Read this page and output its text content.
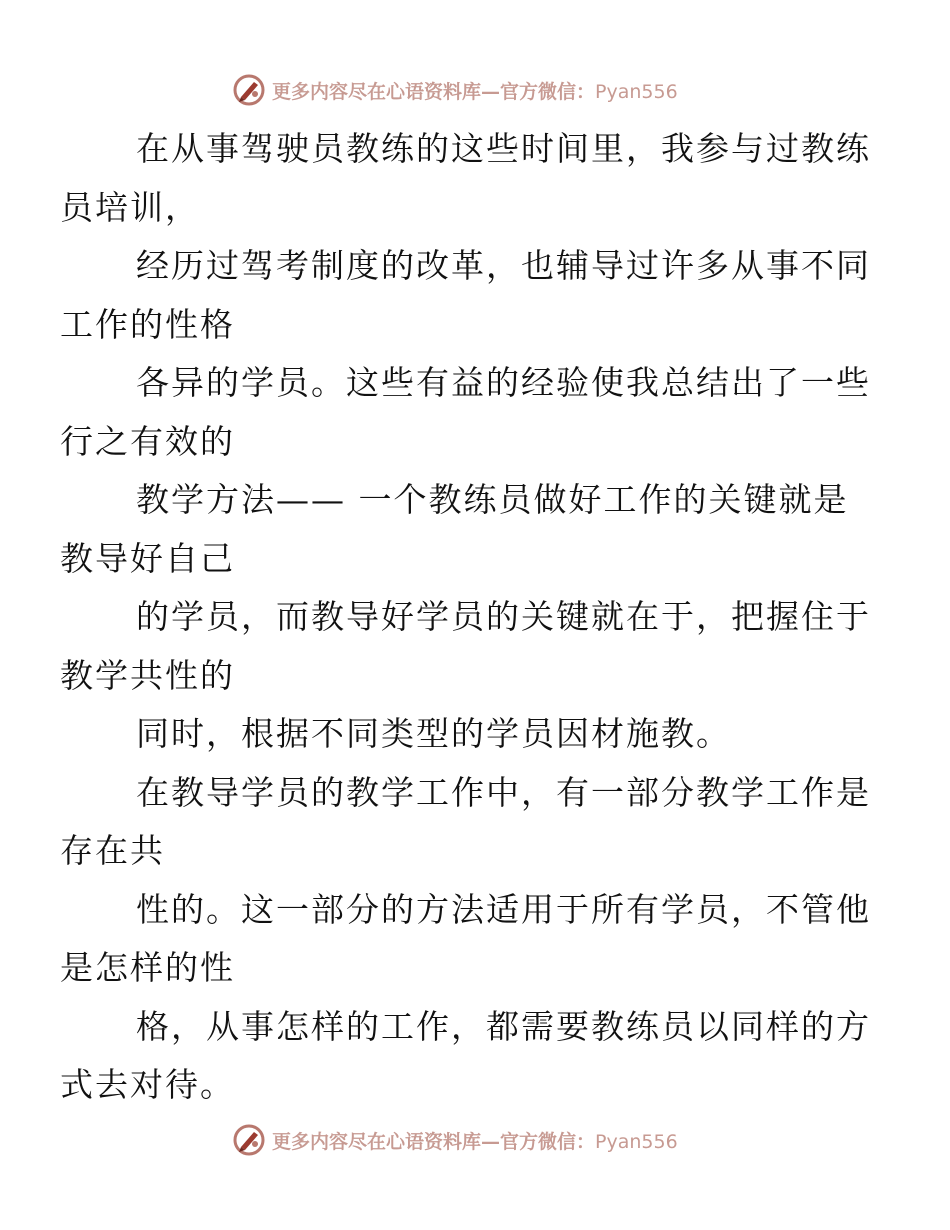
更多内容尽在心语资料库—官方微信：Pyan556

在从事驾驶员教练的这些时间里，我参与过教练
员培训，

经历过驾考制度的改革，也辅导过许多从事不同
工作的性格

各异的学员。这些有益的经验使我总结出了一些
行之有效的

教学方法—— 一个教练员做好工作的关键就是
教导好自己

的学员，而教导好学员的关键就在于，把握住于
教学共性的

同时，根据不同类型的学员因材施教。

在教导学员的教学工作中，有一部分教学工作是
存在共

性的。这一部分的方法适用于所有学员，不管他
是怎样的性

格，从事怎样的工作，都需要教练员以同样的方
式去对待。

更多内容尽在心语资料库—官方微信：Pyan556
